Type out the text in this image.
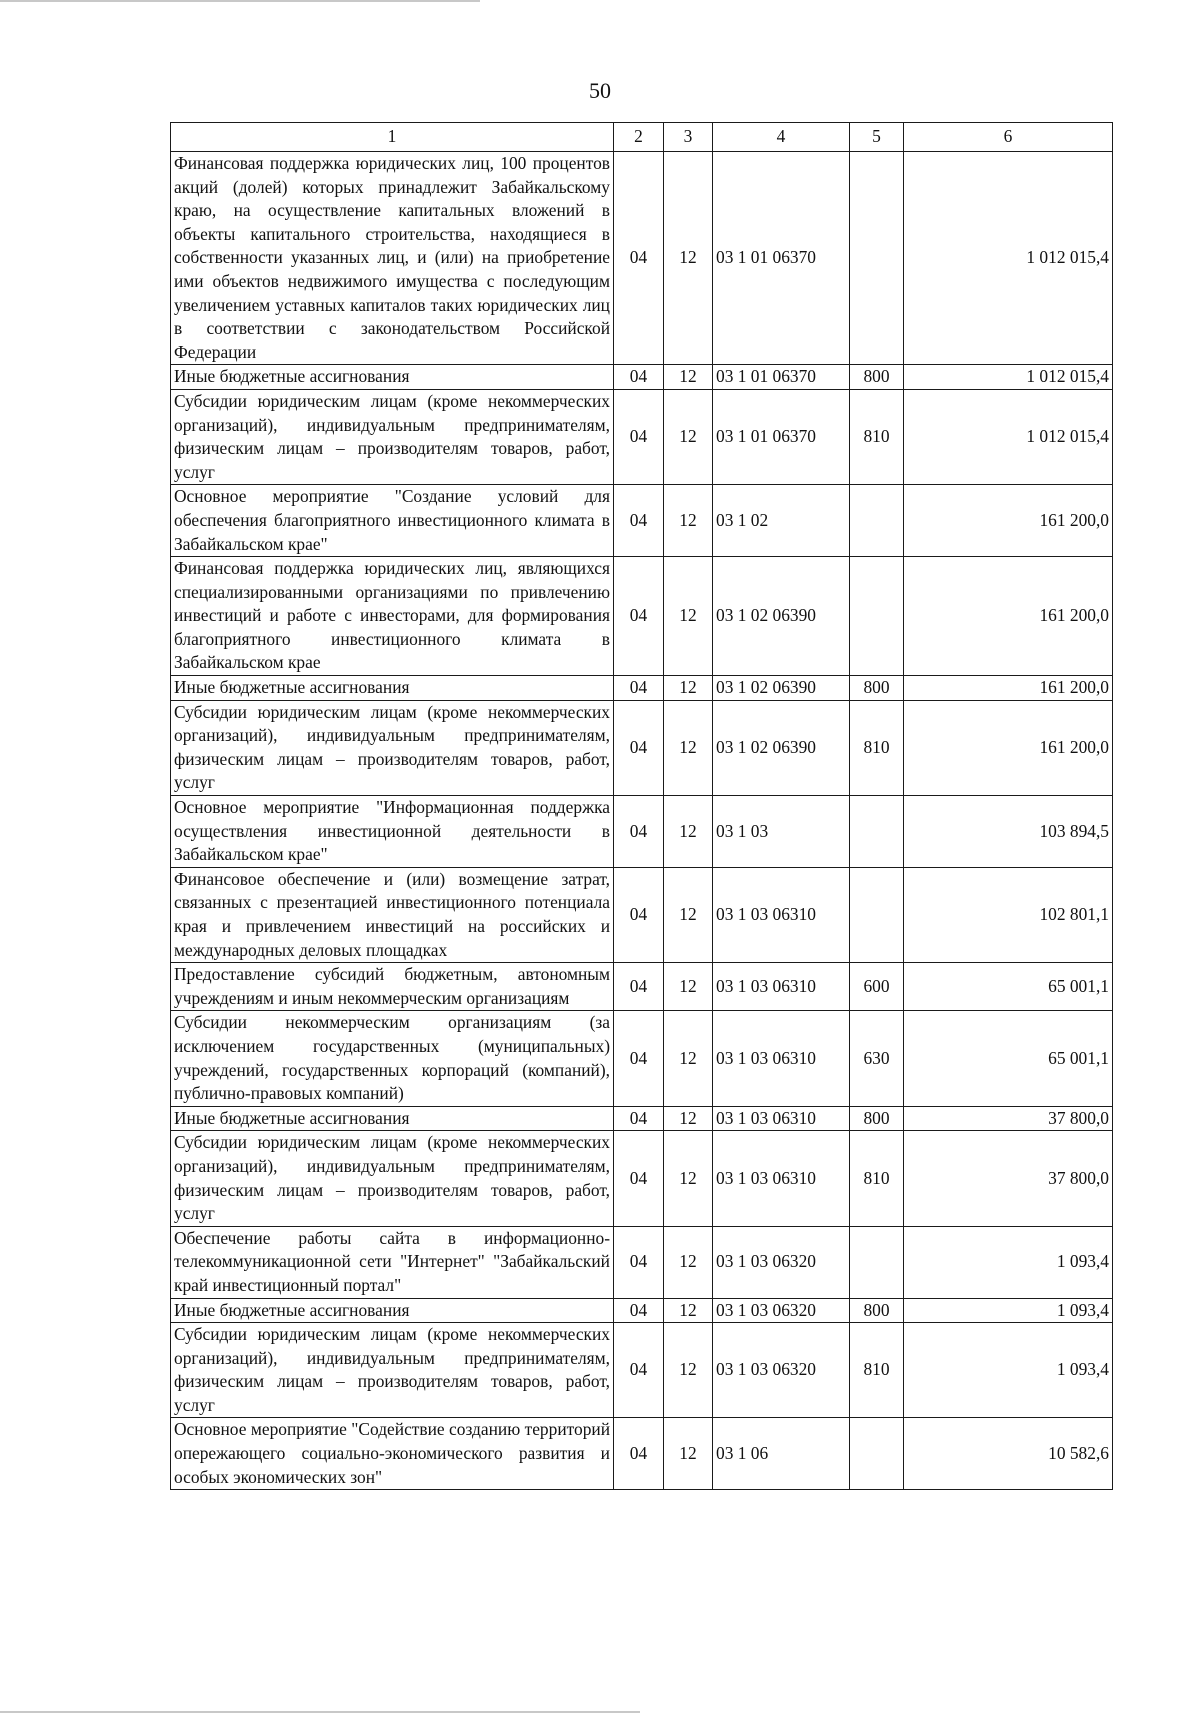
50
1	2	3	4	5	6
Финансовая поддержка юридических лиц, 100 процентов акций (долей) которых принадлежит Забайкальскому краю, на осуществление капитальных вложений в объекты капитального строительства, находящиеся в собственности указанных лиц, и (или) на приобретение ими объектов недвижимого имущества с последующим увеличением уставных капиталов таких юридических лиц в соответствии с законодательством Российской Федерации	04	12	03 1 01 06370		1 012 015,4
Иные бюджетные ассигнования	04	12	03 1 01 06370	800	1 012 015,4
Субсидии юридическим лицам (кроме некоммерческих организаций), индивидуальным предпринимателям, физическим лицам – производителям товаров, работ, услуг	04	12	03 1 01 06370	810	1 012 015,4
Основное мероприятие "Создание условий для обеспечения благоприятного инвестиционного климата в Забайкальском крае"	04	12	03 1 02		161 200,0
Финансовая поддержка юридических лиц, являющихся специализированными организациями по привлечению инвестиций и работе с инвесторами, для формирования благоприятного инвестиционного климата в Забайкальском крае	04	12	03 1 02 06390		161 200,0
Иные бюджетные ассигнования	04	12	03 1 02 06390	800	161 200,0
Субсидии юридическим лицам (кроме некоммерческих организаций), индивидуальным предпринимателям, физическим лицам – производителям товаров, работ, услуг	04	12	03 1 02 06390	810	161 200,0
Основное мероприятие "Информационная поддержка осуществления инвестиционной деятельности в Забайкальском крае"	04	12	03 1 03		103 894,5
Финансовое обеспечение и (или) возмещение затрат, связанных с презентацией инвестиционного потенциала края и привлечением инвестиций на российских и международных деловых площадках	04	12	03 1 03 06310		102 801,1
Предоставление субсидий бюджетным, автономным учреждениям и иным некоммерческим организациям	04	12	03 1 03 06310	600	65 001,1
Субсидии некоммерческим организациям (за исключением государственных (муниципальных) учреждений, государственных корпораций (компаний), публично-правовых компаний)	04	12	03 1 03 06310	630	65 001,1
Иные бюджетные ассигнования	04	12	03 1 03 06310	800	37 800,0
Субсидии юридическим лицам (кроме некоммерческих организаций), индивидуальным предпринимателям, физическим лицам – производителям товаров, работ, услуг	04	12	03 1 03 06310	810	37 800,0
Обеспечение работы сайта в информационно-телекоммуникационной сети "Интернет" "Забайкальский край инвестиционный портал"	04	12	03 1 03 06320		1 093,4
Иные бюджетные ассигнования	04	12	03 1 03 06320	800	1 093,4
Субсидии юридическим лицам (кроме некоммерческих организаций), индивидуальным предпринимателям, физическим лицам – производителям товаров, работ, услуг	04	12	03 1 03 06320	810	1 093,4
Основное мероприятие "Содействие созданию территорий опережающего социально-экономического развития и особых экономических зон"	04	12	03 1 06		10 582,6
